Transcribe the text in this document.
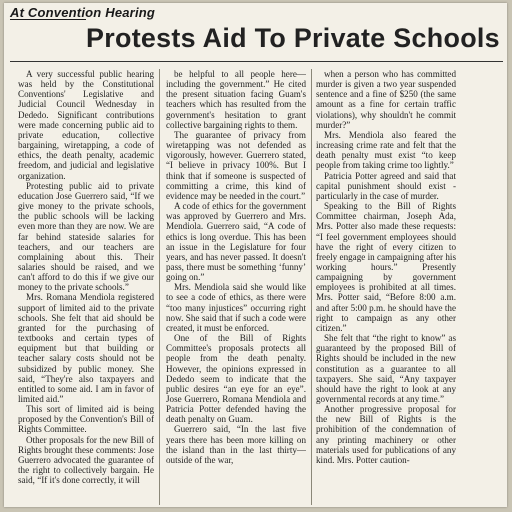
At Convention Hearing
Protests Aid To Private Schools

A very successful public hearing was held by the Constitutional Conventions' Legislative and Judicial Council Wednesday in Dededo. Significant contributions were made concerning public aid to private education, collective bargaining, wiretapping, a code of ethics, the death penalty, academic freedom, and judicial and legislative organization.

Protesting public aid to private education Jose Guerrero said, “If we give money to the private schools, the public schools will be lacking even more than they are now. We are far behind stateside salaries for teachers, and our teachers are complaining about this. Their salaries should be raised, and we can't afford to do this if we give our money to the private schools.”

Mrs. Romana Mendiola registered support of limited aid to the private schools. She felt that aid should be granted for the purchasing of textbooks and certain types of equipment but that building or teacher salary costs should not be subsidized by public money. She said, “They're also taxpayers and entitled to some aid. I am in favor of limited aid.”

This sort of limited aid is being proposed by the Convention's Bill of Rights Committee.

Other proposals for the new Bill of Rights brought these comments: Jose Guerrero advocated the guarantee of the right to collectively bargain. He said, “If it's done correctly, it will

be helpful to all people here—including the government.” He cited the present situation facing Guam's teachers which has resulted from the government's hesitation to grant collective bargaining rights to them.

The guarantee of privacy from wiretapping was not defended as vigorously, however. Guerrero stated, “I believe in privacy 100%. But I think that if someone is suspected of committing a crime, this kind of evidence may be needed in the court.”

A code of ethics for the government was approved by Guerrero and Mrs. Mendiola. Guerrero said, “A code of ethics is long overdue. This has been an issue in the Legislature for four years, and has never passed. It doesn't pass, there must be something ‘funny’ going on.”

Mrs. Mendiola said she would like to see a code of ethics, as there were “too many injustices” occurring right now. She said that if such a code were created, it must be enforced.

One of the Bill of Rights Committee's proposals protects all people from the death penalty. However, the opinions expressed in Dededo seem to indicate that the public desires “an eye for an eye”. Jose Guerrero, Romana Mendiola and Patricia Potter defended having the death penalty on Guam.

Guerrero said, “In the last five years there has been more killing on the island than in the last thirty—outside of the war,

when a person who has committed murder is given a two year suspended sentence and a fine of $250 (the same amount as a fine for certain traffic violations), why shouldn't he commit murder?”

Mrs. Mendiola also feared the increasing crime rate and felt that the death penalty must exist “to keep people from taking crime too lightly.”

Patricia Potter agreed and said that capital punishment should exist - particularly in the case of murder.

Speaking to the Bill of Rights Committee chairman, Joseph Ada, Mrs. Potter also made these requests: “I feel government employees should have the right of every citizen to freely engage in campaigning after his working hours.” Presently campaigning by government employees is prohibited at all times. Mrs. Potter said, “Before 8:00 a.m. and after 5:00 p.m. he should have the right to campaign as any other citizen.”

She felt that “the right to know” as guaranteed by the proposed Bill of Rights should be included in the new constitution as a guarantee to all taxpayers. She said, “Any taxpayer should have the right to look at any governmental records at any time.”

Another progressive proposal for the new Bill of Rights is the prohibition of the condemnation of any printing machinery or other materials used for publications of any kind. Mrs. Potter caution-
